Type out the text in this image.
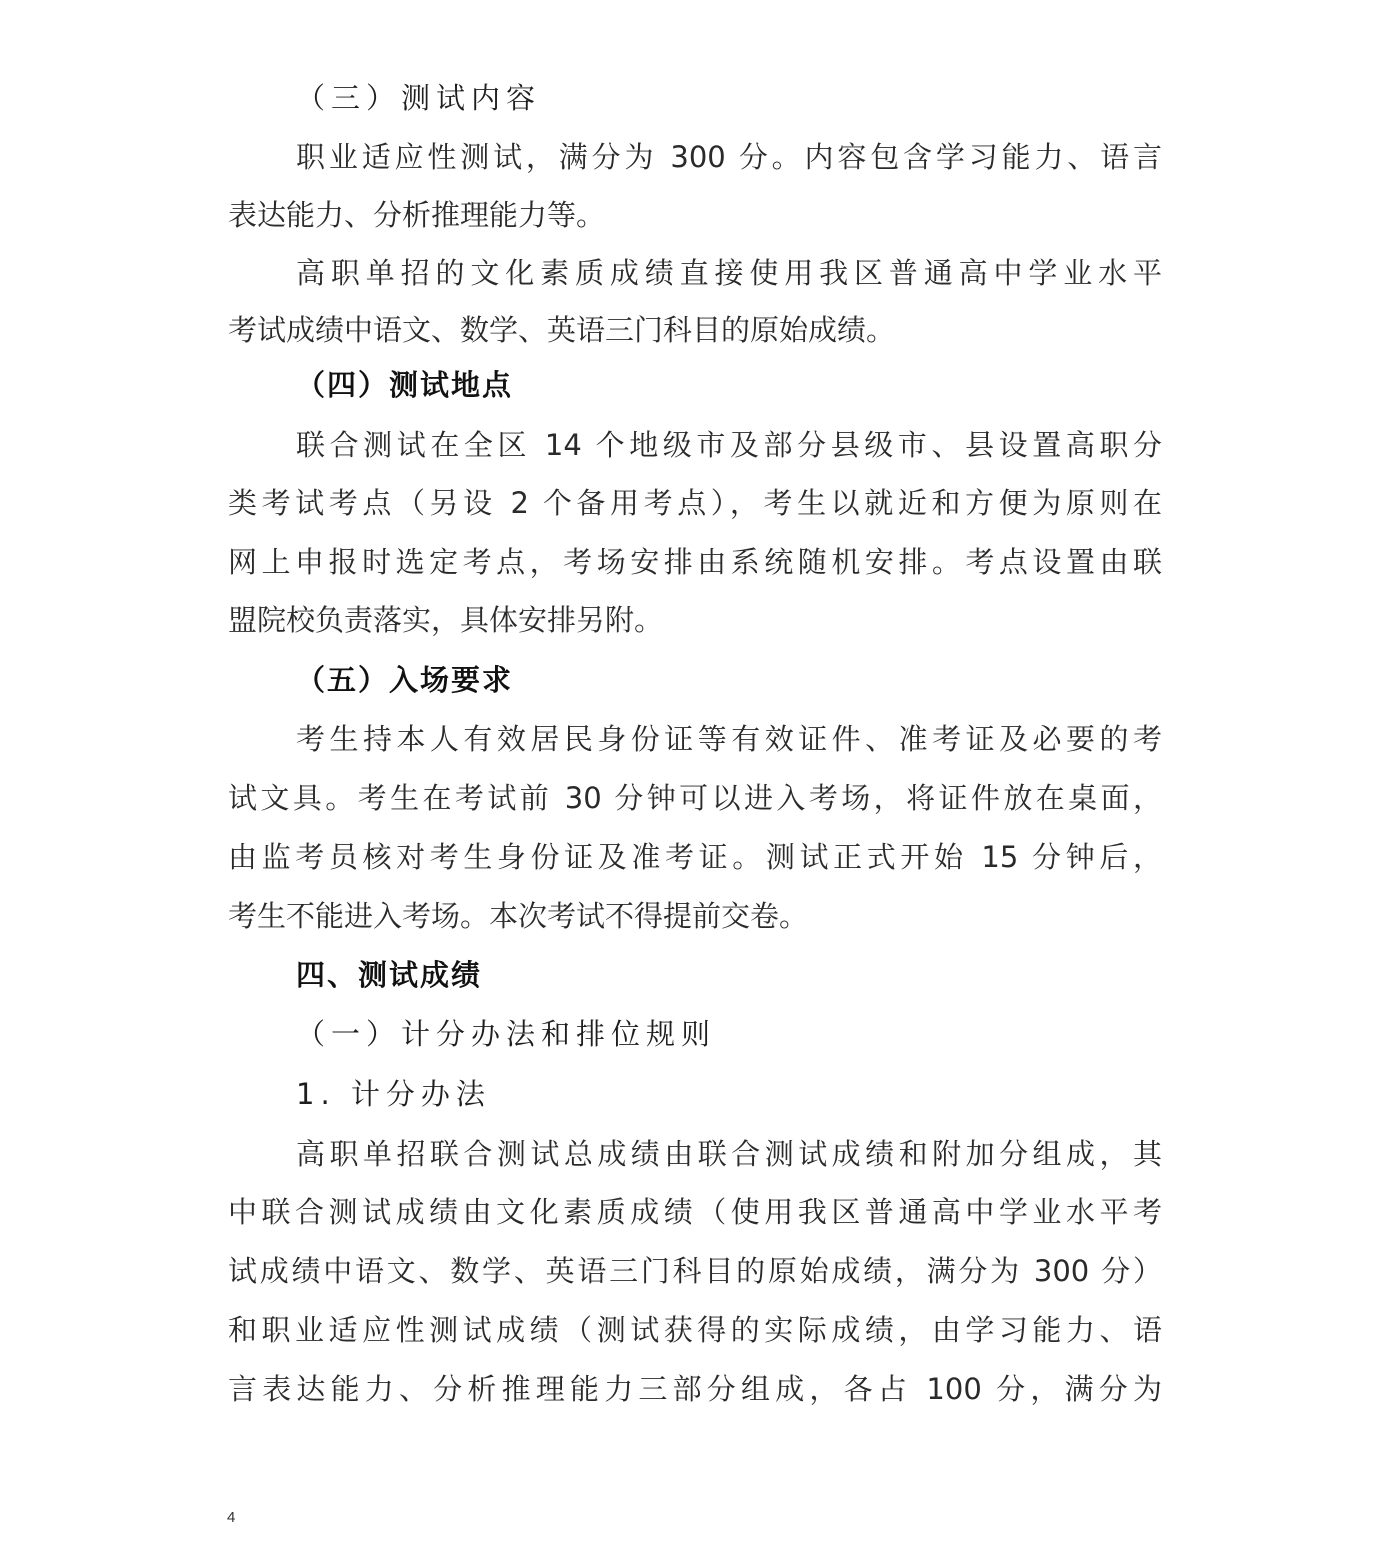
（三）测试内容
职业适应性测试，满分为 300 分。内容包含学习能力、语言
表达能力、分析推理能力等。
高职单招的文化素质成绩直接使用我区普通高中学业水平
考试成绩中语文、数学、英语三门科目的原始成绩。
（四）测试地点
联合测试在全区 14 个地级市及部分县级市、县设置高职分
类考试考点（另设 2 个备用考点），考生以就近和方便为原则在
网上申报时选定考点，考场安排由系统随机安排。考点设置由联
盟院校负责落实，具体安排另附。
（五）入场要求
考生持本人有效居民身份证等有效证件、准考证及必要的考
试文具。考生在考试前 30 分钟可以进入考场，将证件放在桌面，
由监考员核对考生身份证及准考证。测试正式开始 15 分钟后，
考生不能进入考场。本次考试不得提前交卷。
四、测试成绩
（一）计分办法和排位规则
1. 计分办法
高职单招联合测试总成绩由联合测试成绩和附加分组成，其
中联合测试成绩由文化素质成绩（使用我区普通高中学业水平考
试成绩中语文、数学、英语三门科目的原始成绩，满分为 300 分）
和职业适应性测试成绩（测试获得的实际成绩，由学习能力、语
言表达能力、分析推理能力三部分组成，各占 100 分，满分为
4
